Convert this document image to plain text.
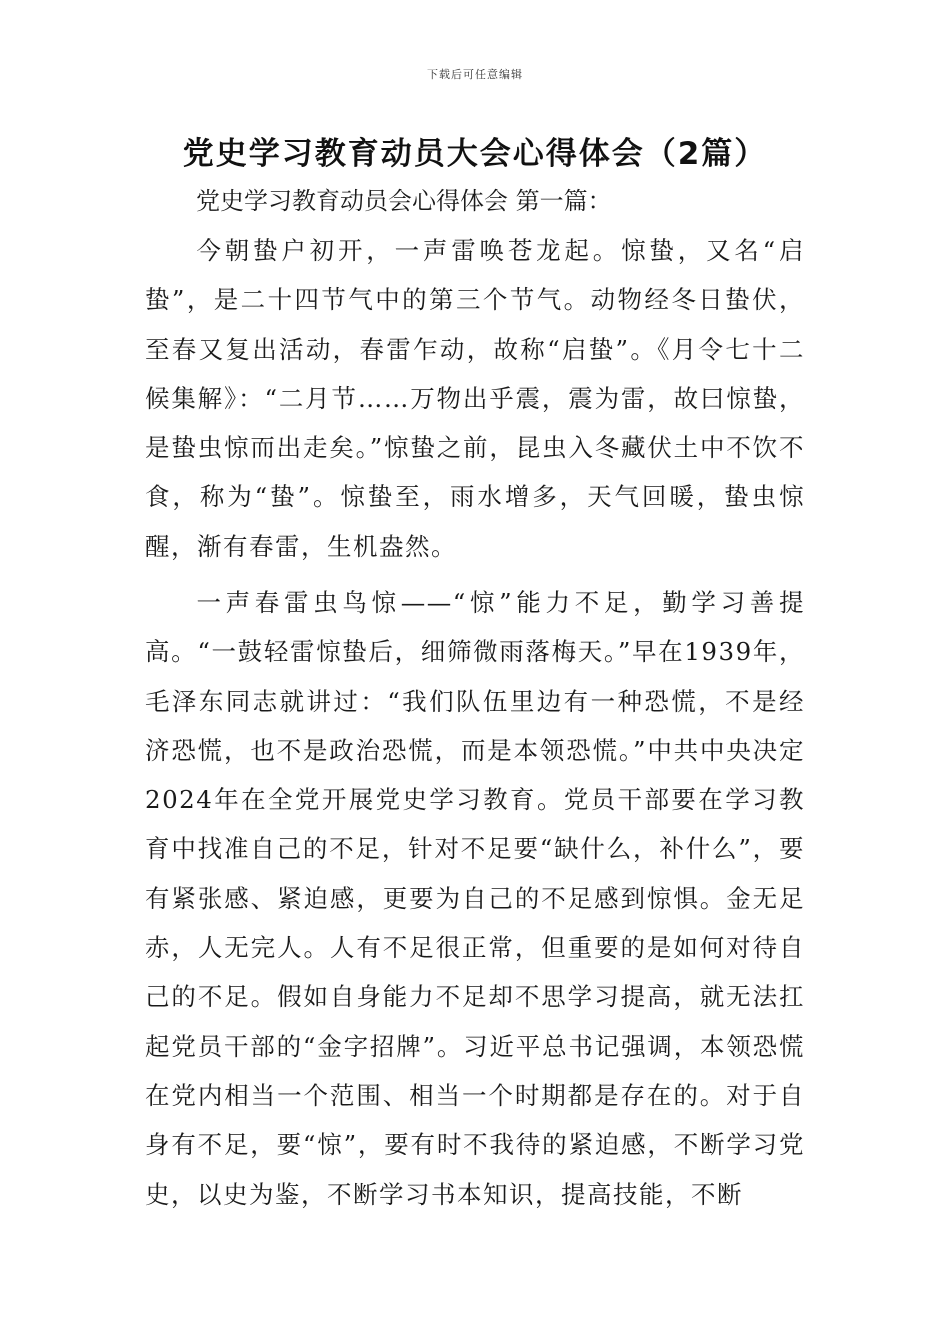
下载后可任意编辑
党史学习教育动员大会心得体会（2篇）
党史学习教育动员会心得体会 第一篇：

今朝蛰户初开，一声雷唤苍龙起。惊蛰，又名“启蛰”，是二十四节气中的第三个节气。动物经冬日蛰伏，至春又复出活动，春雷乍动，故称“启蛰”。《月令七十二候集解》：“二月节……万物出乎震，震为雷，故曰惊蛰，是蛰虫惊而出走矣。”惊蛰之前，昆虫入冬藏伏土中不饮不食，称为“蛰”。惊蛰至，雨水增多，天气回暖，蛰虫惊醒，渐有春雷，生机盎然。

一声春雷虫鸟惊——“惊”能力不足，勤学习善提高。“一鼓轻雷惊蛰后，细筛微雨落梅天。”早在1939年，毛泽东同志就讲过：“我们队伍里边有一种恐慌，不是经济恐慌，也不是政治恐慌，而是本领恐慌。”中共中央决定2024年在全党开展党史学习教育。党员干部要在学习教育中找准自己的不足，针对不足要“缺什么，补什么”，要有紧张感、紧迫感，更要为自己的不足感到惊惧。金无足赤，人无完人。人有不足很正常，但重要的是如何对待自己的不足。假如自身能力不足却不思学习提高，就无法扛起党员干部的“金字招牌”。习近平总书记强调，本领恐慌在党内相当一个范围、相当一个时期都是存在的。对于自身有不足，要“惊”，要有时不我待的紧迫感，不断学习党史，以史为鉴，不断学习书本知识，提高技能，不断
